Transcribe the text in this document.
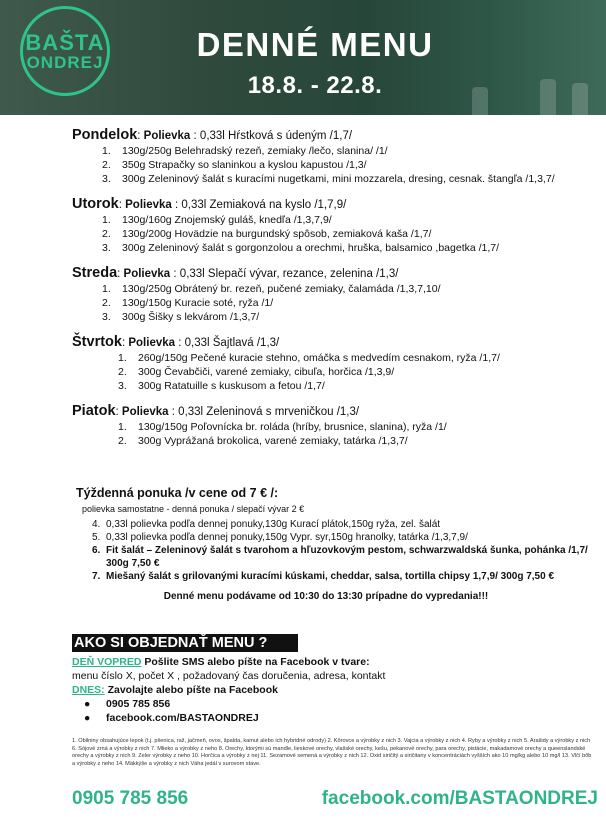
BAŠTA
ONDREJ	DENNÉ MENU
18.8. - 22.8.
Pondelok: Polievka : 0,33l Hŕstková s údeným /1,7/
1.	130g/250g Belehradský rezeň, zemiaky /lečo, slanina/ /1/
2.	350g Strapačky so slaninkou a kyslou kapustou /1,3/
3.	300g Zeleninový šalát s kuracími nugetkami, mini mozzarela, dresing, cesnak. štangľa /1,3,7/
Utorok: Polievka : 0,33l Zemiaková na kyslo /1,7,9/
1.	130g/160g Znojemský guláš, knedľa /1,3,7,9/
2.	130g/200g Hovädzie na burgundský spôsob, zemiaková kaša /1,7/
3.	300g Zeleninový šalát s gorgonzolou a orechmi, hruška, balsamico ,bagetka /1,7/
Streda: Polievka : 0,33l Slepačí vývar, rezance, zelenina /1,3/
1.	130g/250g Obrátený br. rezeň, pučené zemiaky, čalamáda /1,3,7,10/
2.	130g/150g Kuracie soté, ryža /1/
3.	300g Šišky s lekvárom /1,3,7/
Štvrtok: Polievka : 0,33l Šajtlavá /1,3/
1.	260g/150g Pečené kuracie stehno, omáčka s medvedím cesnakom, ryža /1,7/
2.	300g Čevabčiči, varené zemiaky, cibuľa, horčica /1,3,9/
3.	300g Ratatuille s kuskusom a fetou /1,7/
Piatok: Polievka : 0,33l Zeleninová s mrveničkou /1,3/
1.	130g/150g Poľovnícka br. roláda (hríby, brusnice, slanina), ryža /1/
2.	300g Vyprážaná brokolica, varené zemiaky, tatárka /1,3,7/
Týždenná ponuka /v cene od 7 € /:
polievka samostatne - denná ponuka / slepačí vývar 2 €
4. 0,33l polievka podľa dennej ponuky,130g Kurací plátok,150g ryža, zel. šalát
5. 0,33l polievka podľa dennej ponuky,150g Vypr. syr,150g hranolky, tatárka /1,3,7,9/
6. Fit šalát – Zeleninový šalát s tvarohom a hľuzovkovým pestom, schwarzwaldská šunka, pohánka /1,7/ 300g 7,50 €
7. Miešaný šalát s grilovanými kuracími kúskami, cheddar, salsa, tortilla chipsy 1,7,9/ 300g 7,50 €
Denné menu podávame od 10:30 do 13:30 prípadne do vypredania!!!
AKO SI OBJEDNAŤ MENU ?
DEŇ VOPRED Pošlite SMS alebo píšte na Facebook v tvare:
menu číslo X, počet X , požadovaný čas doručenia, adresa, kontakt
DNES: Zavolajte alebo píšte na Facebook
●	0905 785 856
●	facebook.com/BASTAONDREJ
1. Obilniny obsahujúce lepok (t.j. pšenica, raž, jačmeň, ovos, špalda, kamut alebo ich hybridné odrody) 2. Kôrovce a výrobky z nich 3. Vajcia a výrobky z nich 4. Ryby a výrobky z nich 5. Arašidy a výrobky z nich 6. Sójové zrná a výrobky z nich 7. Mlieko a výrobky z neho 8. Orechy, ktorými sú mandle, lieskové orechy, vlašské orechy, kešu, pekanové orechy, para orechy, pistácie, makadamové orechy a queenslandské orechy a výrobky z nich 9. Zeler výrobky z neho 10. Horčica a výrobky z nej 11. Sezamové semená a výrobky z nich 12. Oxid siričitý a siričitany v koncentráciách vyšších ako 10 mg/kg alebo 10 mg/l 13. Vlčí bôb a výrobky z neho 14. Mäkkýše a výrobky z nich Váha jedál v surovom stave.
0905 785 856	facebook.com/BASTAONDREJ
